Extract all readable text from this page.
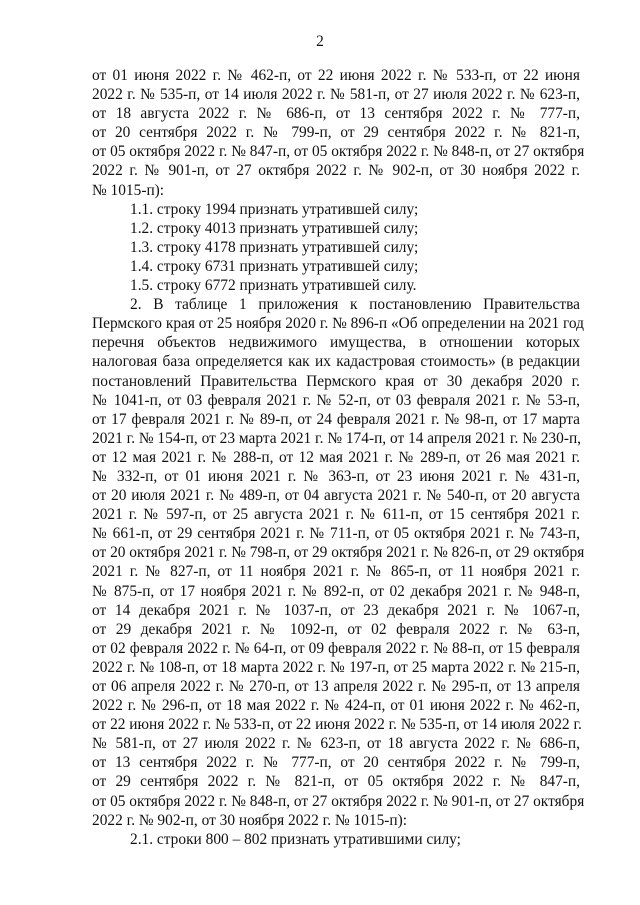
2
от 01 июня 2022 г. № 462-п, от 22 июня 2022 г. № 533-п, от 22 июня
2022 г. № 535-п, от 14 июля 2022 г. № 581-п, от 27 июля 2022 г. № 623-п,
от 18 августа 2022 г. № 686-п, от 13 сентября 2022 г. № 777-п,
от 20 сентября 2022 г. № 799-п, от 29 сентября 2022 г. № 821-п,
от 05 октября 2022 г. № 847-п, от 05 октября 2022 г. № 848-п, от 27 октября
2022 г. № 901-п, от 27 октября 2022 г. № 902-п, от 30 ноября 2022 г.
№ 1015-п):
1.1. строку 1994 признать утратившей силу;
1.2. строку 4013 признать утратившей силу;
1.3. строку 4178 признать утратившей силу;
1.4. строку 6731 признать утратившей силу;
1.5. строку 6772 признать утратившей силу.
2. В таблице 1 приложения к постановлению Правительства
Пермского края от 25 ноября 2020 г. № 896-п «Об определении на 2021 год
перечня объектов недвижимого имущества, в отношении которых
налоговая база определяется как их кадастровая стоимость» (в редакции
постановлений Правительства Пермского края от 30 декабря 2020 г.
№ 1041-п, от 03 февраля 2021 г. № 52-п, от 03 февраля 2021 г. № 53-п,
от 17 февраля 2021 г. № 89-п, от 24 февраля 2021 г. № 98-п, от 17 марта
2021 г. № 154-п, от 23 марта 2021 г. № 174-п, от 14 апреля 2021 г. № 230-п,
от 12 мая 2021 г. № 288-п, от 12 мая 2021 г. № 289-п, от 26 мая 2021 г.
№ 332-п, от 01 июня 2021 г. № 363-п, от 23 июня 2021 г. № 431-п,
от 20 июля 2021 г. № 489-п, от 04 августа 2021 г. № 540-п, от 20 августа
2021 г. № 597-п, от 25 августа 2021 г. № 611-п, от 15 сентября 2021 г.
№ 661-п, от 29 сентября 2021 г. № 711-п, от 05 октября 2021 г. № 743-п,
от 20 октября 2021 г. № 798-п, от 29 октября 2021 г. № 826-п, от 29 октября
2021 г. № 827-п, от 11 ноября 2021 г. № 865-п, от 11 ноября 2021 г.
№ 875-п, от 17 ноября 2021 г. № 892-п, от 02 декабря 2021 г. № 948-п,
от 14 декабря 2021 г. № 1037-п, от 23 декабря 2021 г. № 1067-п,
от 29 декабря 2021 г. № 1092-п, от 02 февраля 2022 г. № 63-п,
от 02 февраля 2022 г. № 64-п, от 09 февраля 2022 г. № 88-п, от 15 февраля
2022 г. № 108-п, от 18 марта 2022 г. № 197-п, от 25 марта 2022 г. № 215-п,
от 06 апреля 2022 г. № 270-п, от 13 апреля 2022 г. № 295-п, от 13 апреля
2022 г. № 296-п, от 18 мая 2022 г. № 424-п, от 01 июня 2022 г. № 462-п,
от 22 июня 2022 г. № 533-п, от 22 июня 2022 г. № 535-п, от 14 июля 2022 г.
№ 581-п, от 27 июля 2022 г. № 623-п, от 18 августа 2022 г. № 686-п,
от 13 сентября 2022 г. № 777-п, от 20 сентября 2022 г. № 799-п,
от 29 сентября 2022 г. № 821-п, от 05 октября 2022 г. № 847-п,
от 05 октября 2022 г. № 848-п, от 27 октября 2022 г. № 901-п, от 27 октября
2022 г. № 902-п, от 30 ноября 2022 г. № 1015-п):
2.1. строки 800 – 802 признать утратившими силу;
